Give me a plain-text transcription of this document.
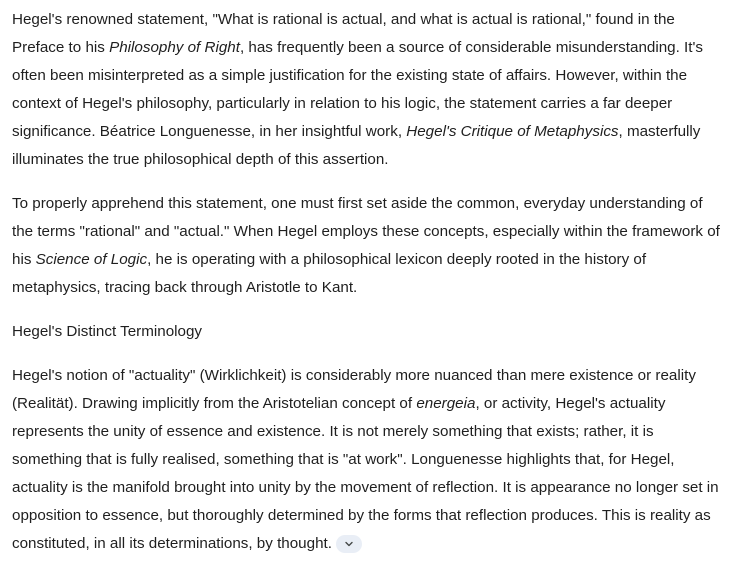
Hegel's renowned statement, "What is rational is actual, and what is actual is rational," found in the Preface to his Philosophy of Right, has frequently been a source of considerable misunderstanding. It's often been misinterpreted as a simple justification for the existing state of affairs. However, within the context of Hegel's philosophy, particularly in relation to his logic, the statement carries a far deeper significance. Béatrice Longuenesse, in her insightful work, Hegel's Critique of Metaphysics, masterfully illuminates the true philosophical depth of this assertion.

To properly apprehend this statement, one must first set aside the common, everyday understanding of the terms "rational" and "actual." When Hegel employs these concepts, especially within the framework of his Science of Logic, he is operating with a philosophical lexicon deeply rooted in the history of metaphysics, tracing back through Aristotle to Kant.

Hegel's Distinct Terminology

Hegel's notion of "actuality" (Wirklichkeit) is considerably more nuanced than mere existence or reality (Realität). Drawing implicitly from the Aristotelian concept of energeia, or activity, Hegel's actuality represents the unity of essence and existence. It is not merely something that exists; rather, it is something that is fully realised, something that is "at work". Longuenesse highlights that, for Hegel, actuality is the manifold brought into unity by the movement of reflection. It is appearance no longer set in opposition to essence, but thoroughly determined by the forms that reflection produces. This is reality as constituted, in all its determinations, by thought.
